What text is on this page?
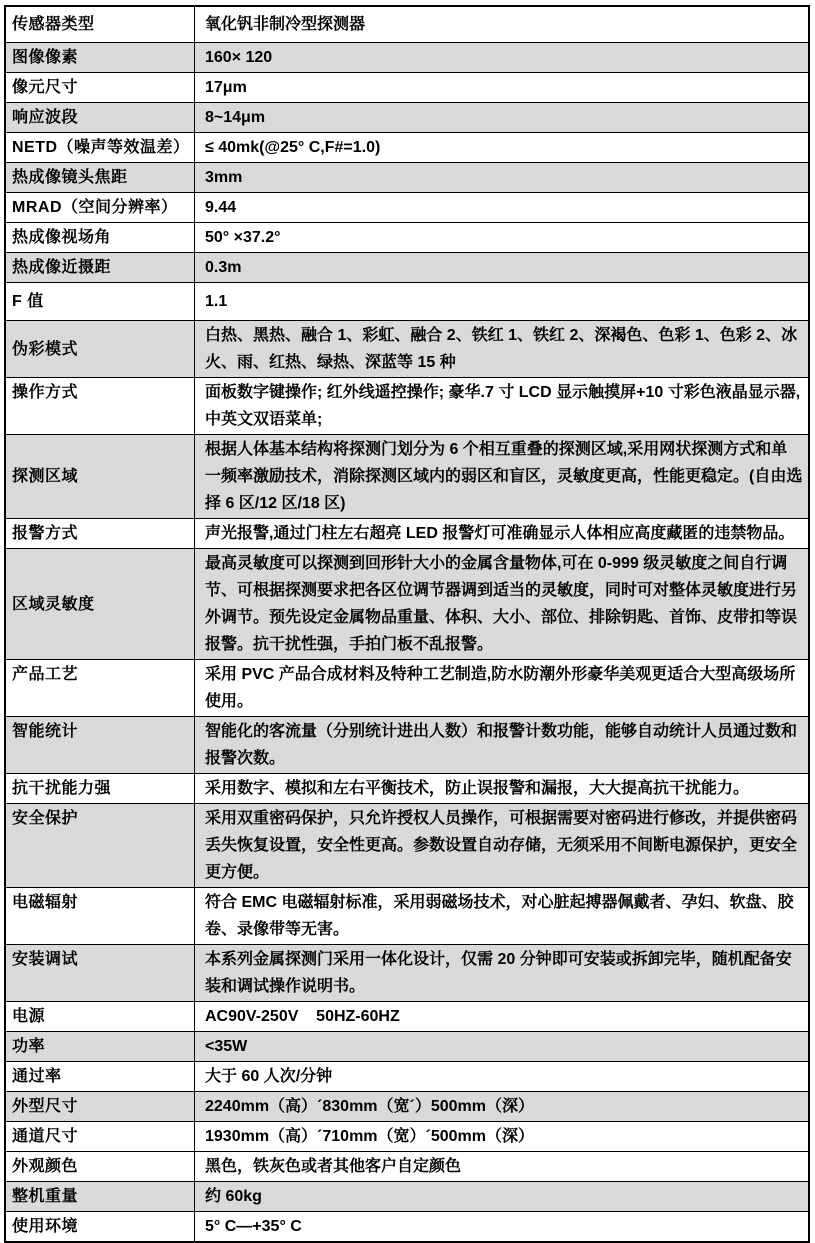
传感器类型	氧化钒非制冷型探测器
图像像素	160× 120
像元尺寸	17μm
响应波段	8~14μm
NETD（噪声等效温差）	≤ 40mk(@25° C,F#=1.0)
热成像镜头焦距	3mm
MRAD（空间分辨率）	9.44
热成像视场角	50° ×37.2°
热成像近摄距	0.3m
F 值	1.1
伪彩模式	白热、黑热、融合 1、彩虹、融合 2、铁红 1、铁红 2、深褐色、色彩 1、色彩 2、冰火、雨、红热、绿热、深蓝等 15 种
操作方式	面板数字键操作; 红外线遥控操作; 豪华.7 寸 LCD 显示触摸屏+10 寸彩色液晶显示器, 中英文双语菜单;
探测区域	根据人体基本结构将探测门划分为 6 个相互重叠的探测区域,采用网状探测方式和单一频率激励技术，消除探测区域内的弱区和盲区，灵敏度更高，性能更稳定。(自由选择 6 区/12 区/18 区)
报警方式	声光报警,通过门柱左右超亮 LED 报警灯可准确显示人体相应高度藏匿的违禁物品。
区域灵敏度	最高灵敏度可以探测到回形针大小的金属含量物体,可在 0-999 级灵敏度之间自行调节、可根据探测要求把各区位调节器调到适当的灵敏度，同时可对整体灵敏度进行另外调节。预先设定金属物品重量、体积、大小、部位、排除钥匙、首饰、皮带扣等误报警。抗干扰性强，手拍门板不乱报警。
产品工艺	采用 PVC 产品合成材料及特种工艺制造,防水防潮外形豪华美观更适合大型高级场所使用。
智能统计	智能化的客流量（分别统计进出人数）和报警计数功能，能够自动统计人员通过数和报警次数。
抗干扰能力强	采用数字、模拟和左右平衡技术，防止误报警和漏报，大大提高抗干扰能力。
安全保护	采用双重密码保护，只允许授权人员操作，可根据需要对密码进行修改，并提供密码丢失恢复设置，安全性更高。参数设置自动存储，无须采用不间断电源保护，更安全更方便。
电磁辐射	符合 EMC 电磁辐射标准，采用弱磁场技术，对心脏起搏器佩戴者、孕妇、软盘、胶卷、录像带等无害。
安装调试	本系列金属探测门采用一体化设计，仅需 20 分钟即可安装或拆卸完毕，随机配备安装和调试操作说明书。
电源	AC90V-250V    50HZ-60HZ
功率	<35W
通过率	大于 60 人次/分钟
外型尺寸	2240mm（高）´830mm（宽´）500mm（深）
通道尺寸	1930mm（高）´710mm（宽）´500mm（深）
外观颜色	黑色，铁灰色或者其他客户自定颜色
整机重量	约 60kg
使用环境	5° C—+35° C
